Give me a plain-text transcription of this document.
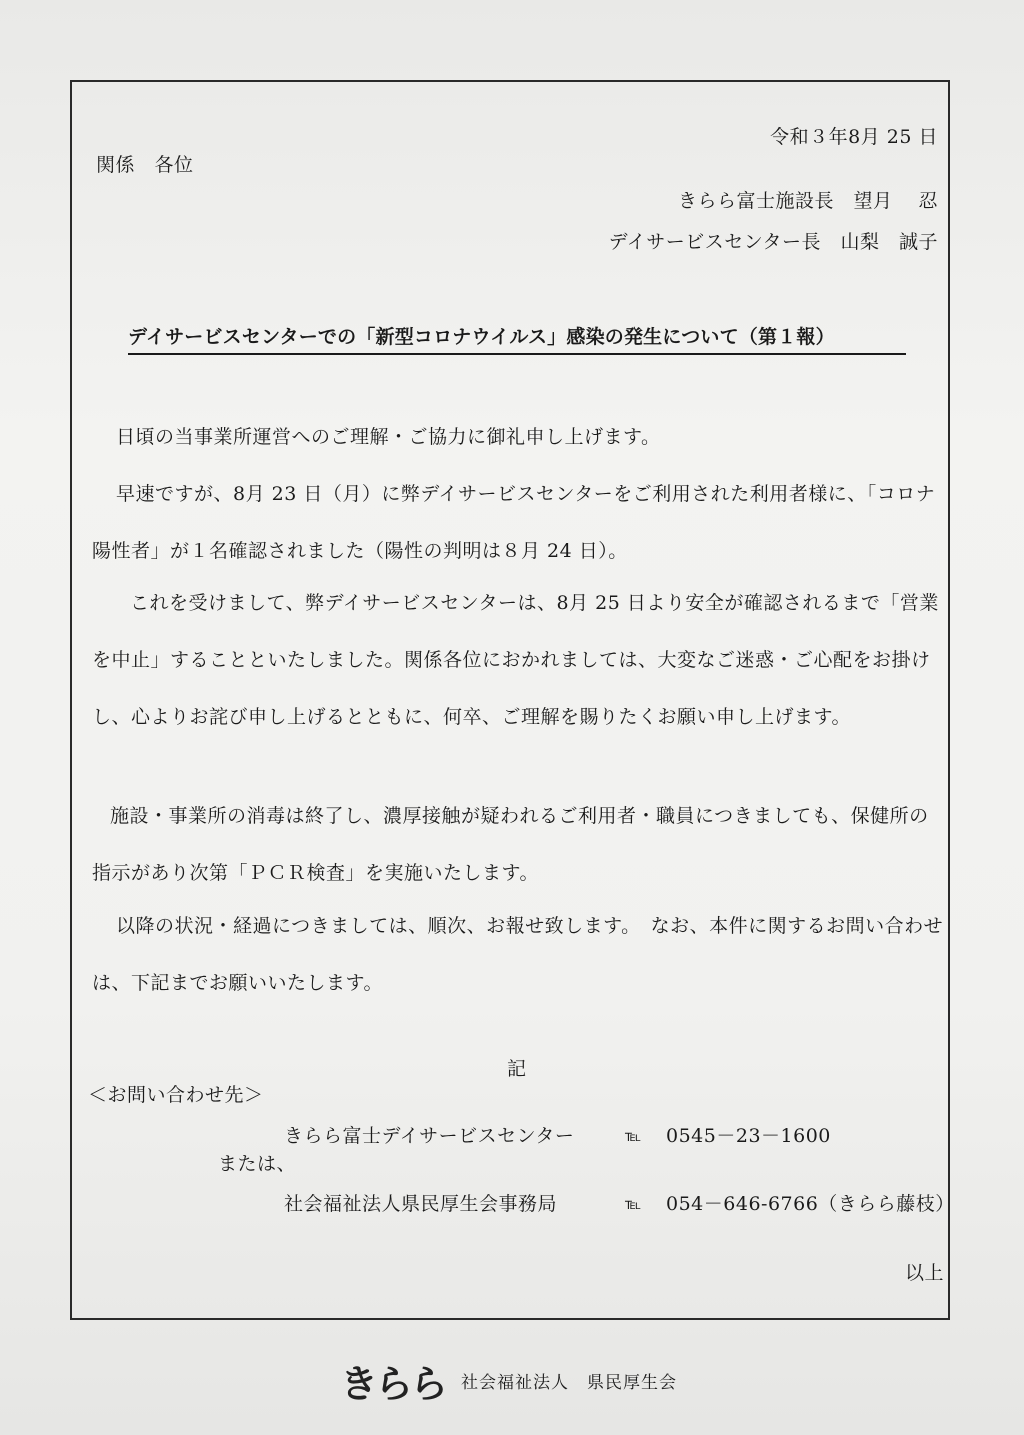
令和３年8月 25 日
関係　各位
きらら富士施設長　望月　 忍
デイサービスセンター長　山梨　誠子
デイサービスセンターでの「新型コロナウイルス」感染の発生について（第１報）
日頃の当事業所運営へのご理解・ご協力に御礼申し上げます。
早速ですが、8月 23 日（月）に弊デイサービスセンターをご利用された利用者様に、「コロナ陽性者」が１名確認されました（陽性の判明は８月 24 日）。
これを受けまして、弊デイサービスセンターは、8月 25 日より安全が確認されるまで「営業を中止」することといたしました。関係各位におかれましては、大変なご迷惑・ご心配をお掛けし、心よりお詫び申し上げるとともに、何卒、ご理解を賜りたくお願い申し上げます。
施設・事業所の消毒は終了し、濃厚接触が疑われるご利用者・職員につきましても、保健所の指示があり次第「ＰＣＲ検査」を実施いたします。
以降の状況・経過につきましては、順次、お報せ致します。　なお、本件に関するお問い合わせは、下記までお願いいたします。
記
＜お問い合わせ先＞
きらら富士デイサービスセンター	℡ 0545－23－1600
または、
社会福祉法人県民厚生会事務局	℡ 054－646-6766（きらら藤枝）
以上
きらら 社会福祉法人　県民厚生会
